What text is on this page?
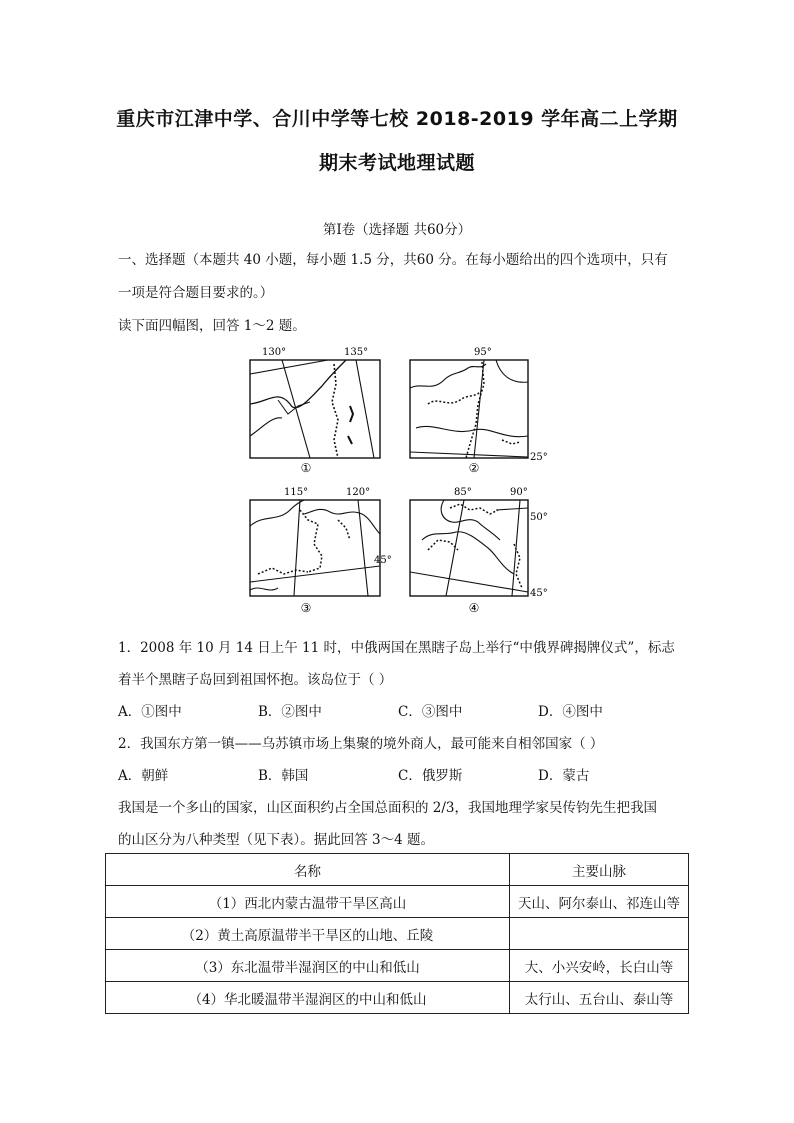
重庆市江津中学、合川中学等七校 2018-2019 学年高二上学期
期末考试地理试题
第Ⅰ卷（选择题 共60分）
一、选择题（本题共 40 小题，每小题 1.5 分，共60 分。在每小题给出的四个选项中，只有
一项是符合题目要求的。）
读下面四幅图，回答 1～2 题。
130°	135°
①
95°
25°
②
115°	120°
45°
③
85°	90°
50°
45°
④
1．2008 年 10 月 14 日上午 11 时，中俄两国在黑瞎子岛上举行“中俄界碑揭牌仪式”，标志
着半个黑瞎子岛回到祖国怀抱。该岛位于（ ）
A．①图中	B．②图中	C．③图中	D．④图中
2．我国东方第一镇——乌苏镇市场上集聚的境外商人，最可能来自相邻国家（ ）
A．朝鲜	B．韩国	C．俄罗斯	D．蒙古
我国是一个多山的国家，山区面积约占全国总面积的 2/3，我国地理学家吴传钧先生把我国
的山区分为八种类型（见下表）。据此回答 3～4 题。
名称	主要山脉
（1）西北内蒙古温带干旱区高山	天山、阿尔泰山、祁连山等
（2）黄土高原温带半干旱区的山地、丘陵	
（3）东北温带半湿润区的中山和低山	大、小兴安岭，长白山等
（4）华北暖温带半湿润区的中山和低山	太行山、五台山、泰山等
